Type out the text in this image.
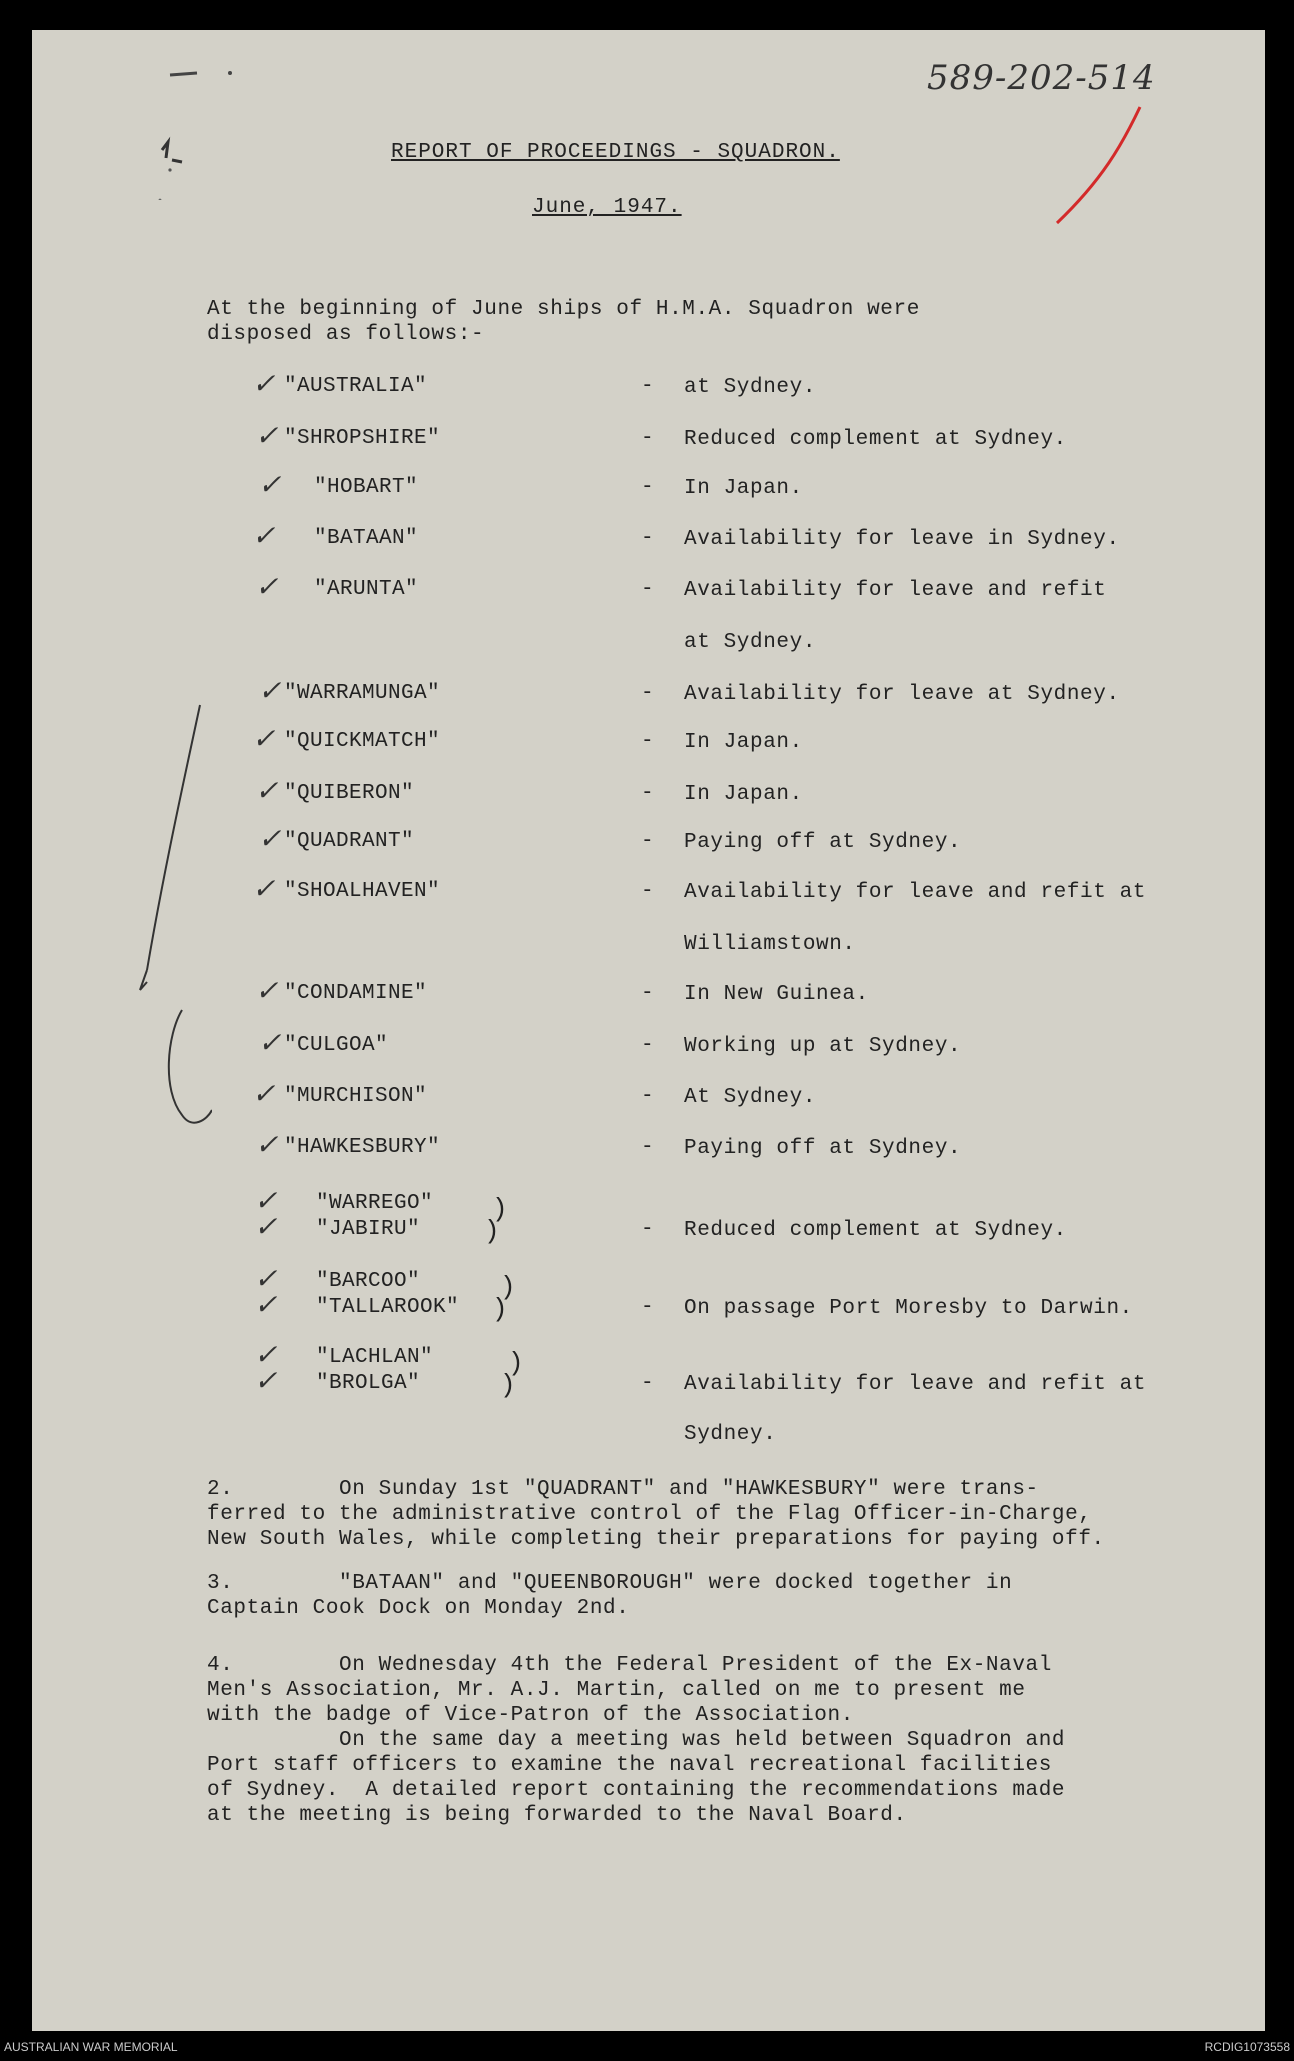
589-202-514
REPORT OF PROCEEDINGS - SQUADRON.
June, 1947.
At the beginning of June ships of H.M.A. Squadron were
disposed as follows:-
✓ "AUSTRALIA"	- at Sydney.
✓ "SHROPSHIRE"	- Reduced complement at Sydney.
✓ "HOBART"	- In Japan.
✓ "BATAAN"	- Availability for leave in Sydney.
✓ "ARUNTA"	- Availability for leave and refit
at Sydney.
✓ "WARRAMUNGA"	- Availability for leave at Sydney.
✓ "QUICKMATCH"	- In Japan.
✓ "QUIBERON"	- In Japan.
✓ "QUADRANT"	- Paying off at Sydney.
✓ "SHOALHAVEN"	- Availability for leave and refit at
Williamstown.
✓ "CONDAMINE"	- In New Guinea.
✓ "CULGOA"	- Working up at Sydney.
✓ "MURCHISON"	- At Sydney.
✓ "HAWKESBURY"	- Paying off at Sydney.
✓ "WARREGO"
✓ "JABIRU"
)
)	- Reduced complement at Sydney.
✓ "BARCOO"
✓ "TALLAROOK"
)
)	- On passage Port Moresby to Darwin.
✓ "LACHLAN"
✓ "BROLGA"
)
)	- Availability for leave and refit at
Sydney.
2.        On Sunday 1st "QUADRANT" and "HAWKESBURY" were trans-
ferred to the administrative control of the Flag Officer-in-Charge,
New South Wales, while completing their preparations for paying off.
3.        "BATAAN" and "QUEENBOROUGH" were docked together in
Captain Cook Dock on Monday 2nd.
4.        On Wednesday 4th the Federal President of the Ex-Naval
Men's Association, Mr. A.J. Martin, called on me to present me
with the badge of Vice-Patron of the Association.
On the same day a meeting was held between Squadron and
Port staff officers to examine the naval recreational facilities
of Sydney.  A detailed report containing the recommendations made
at the meeting is being forwarded to the Naval Board.
AUSTRALIAN WAR MEMORIAL	RCDIG1073558
